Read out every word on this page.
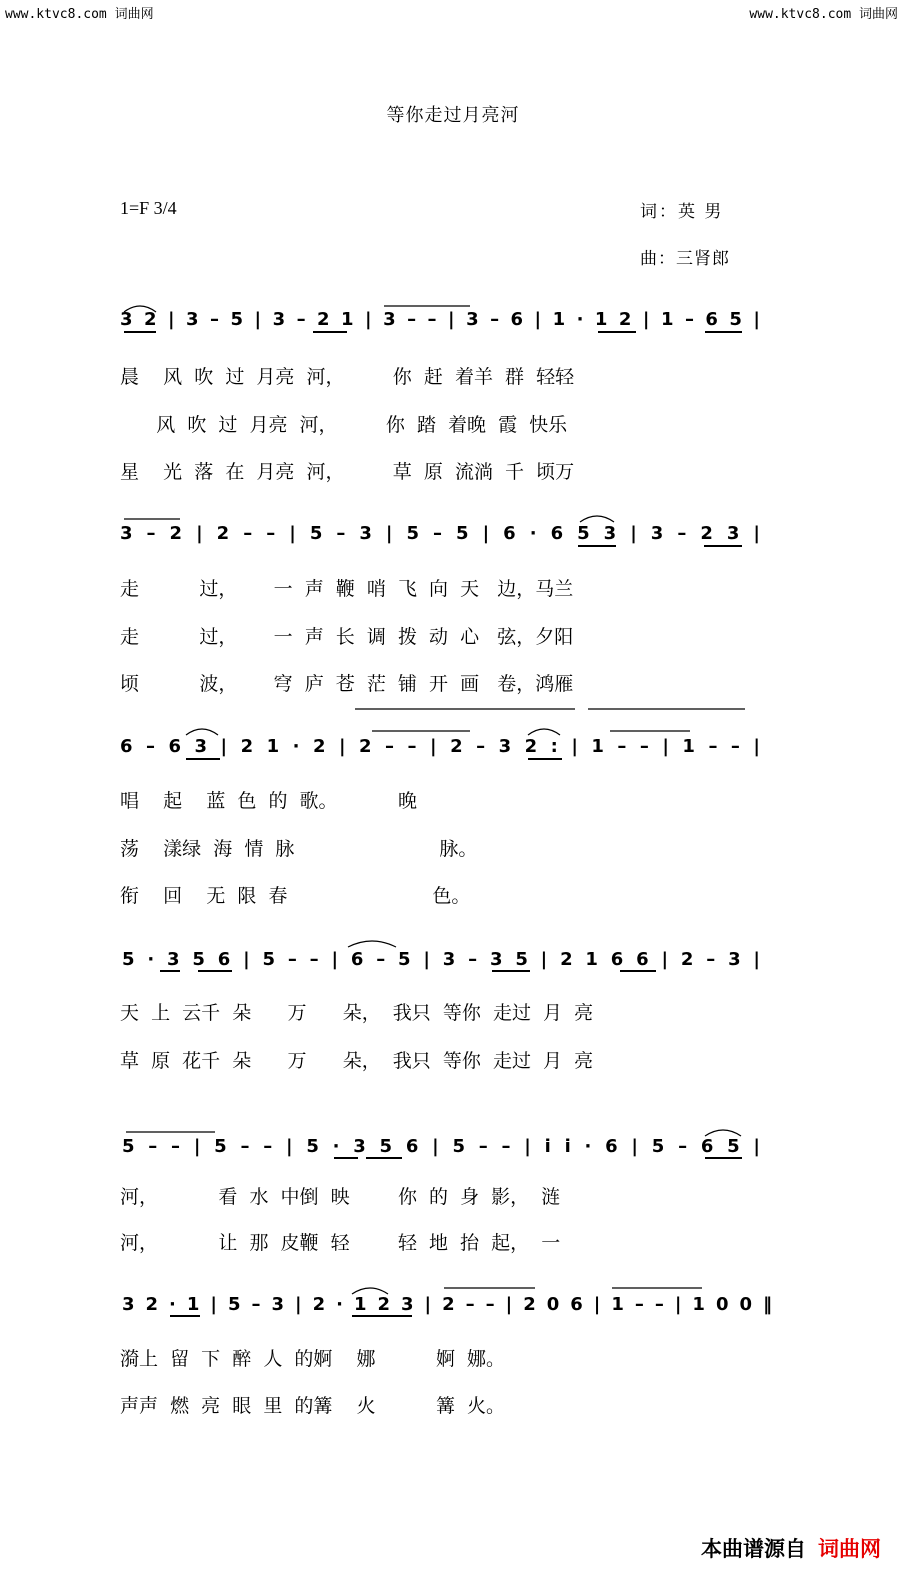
www.ktvc8.com 词曲网	www.ktvc8.com 词曲网
等你走过月亮河
1=F 3/4	词：英 男
曲：三肾郎
3 2 | 3 – 5 | 3 – 2 1 | 3 – – | 3 – 6 | 1 · 1 2 | 1 – 6 5 |
晨    风  吹  过  月亮  河，        你  赶  着羊  群  轻轻
风  吹  过  月亮  河，        你  踏  着晚  霞  快乐
星    光  落  在  月亮  河，        草  原  流淌  千  顷万
3 – 2 | 2 – – | 5 – 3 | 5 – 5 | 6 · 6 5 3 | 3 – 2 3 |
走          过，      一  声  鞭  哨  飞  向  天   边，马兰
走          过，      一  声  长  调  拨  动  心   弦，夕阳
顷          波，      穹  庐  苍  茫  铺  开  画   卷，鸿雁
6 – 6 3 | 2 1 · 2 | 2 – – | 2 – 3 2 : | 1 – – | 1 – – |
唱    起    蓝  色  的  歌。          晚
荡    漾绿  海  情  脉                        脉。
衔    回    无  限  春                        色。
5 · 3 5 6 | 5 – – | 6 – 5 | 3 – 3 5 | 2 1 6 6 | 2 – 3 |
天  上  云千  朵      万      朵，  我只  等你  走过  月  亮
草  原  花千  朵      万      朵，  我只  等你  走过  月  亮
5 – – | 5 – – | 5 · 3 5 6 | 5 – – | i i · 6 | 5 – 6 5 |
河，          看  水  中倒  映        你  的  身  影，  涟
河，          让  那  皮鞭  轻        轻  地  抬  起，  一
3 2 · 1 | 5 – 3 | 2 · 1 2 3 | 2 – – | 2 0 6 | 1 – – | 1 0 0 ‖
漪上  留  下  醉  人  的婀    娜          婀  娜。
声声  燃  亮  眼  里  的篝    火          篝  火。
本曲谱源自 词曲网
